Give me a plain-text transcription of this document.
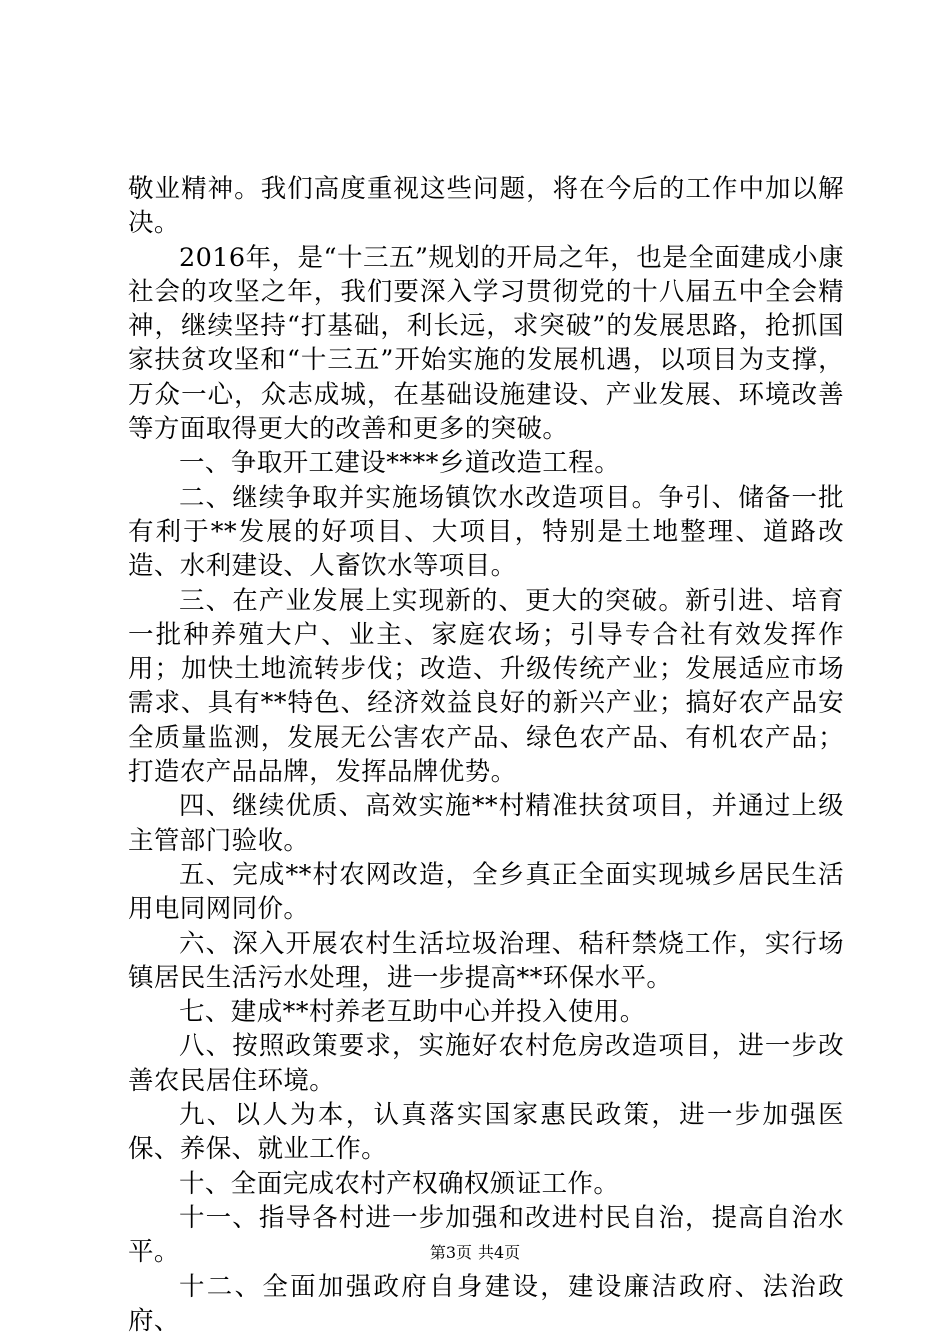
敬业精神。我们高度重视这些问题，将在今后的工作中加以解决。

2016年，是“十三五”规划的开局之年，也是全面建成小康社会的攻坚之年，我们要深入学习贯彻党的十八届五中全会精神，继续坚持“打基础，利长远，求突破”的发展思路，抢抓国家扶贫攻坚和“十三五”开始实施的发展机遇，以项目为支撑，万众一心，众志成城，在基础设施建设、产业发展、环境改善等方面取得更大的改善和更多的突破。

一、争取开工建设****乡道改造工程。

二、继续争取并实施场镇饮水改造项目。争引、储备一批有利于**发展的好项目、大项目，特别是土地整理、道路改造、水利建设、人畜饮水等项目。

三、在产业发展上实现新的、更大的突破。新引进、培育一批种养殖大户、业主、家庭农场；引导专合社有效发挥作用；加快土地流转步伐；改造、升级传统产业；发展适应市场需求、具有**特色、经济效益良好的新兴产业；搞好农产品安全质量监测，发展无公害农产品、绿色农产品、有机农产品；打造农产品品牌，发挥品牌优势。

四、继续优质、高效实施**村精准扶贫项目，并通过上级主管部门验收。

五、完成**村农网改造，全乡真正全面实现城乡居民生活用电同网同价。

六、深入开展农村生活垃圾治理、秸秆禁烧工作，实行场镇居民生活污水处理，进一步提高**环保水平。

七、建成**村养老互助中心并投入使用。

八、按照政策要求，实施好农村危房改造项目，进一步改善农民居住环境。

九、以人为本，认真落实国家惠民政策，进一步加强医保、养保、就业工作。

十、全面完成农村产权确权颁证工作。

十一、指导各村进一步加强和改进村民自治，提高自治水平。

十二、全面加强政府自身建设，建设廉洁政府、法治政府、

第3页 共4页
